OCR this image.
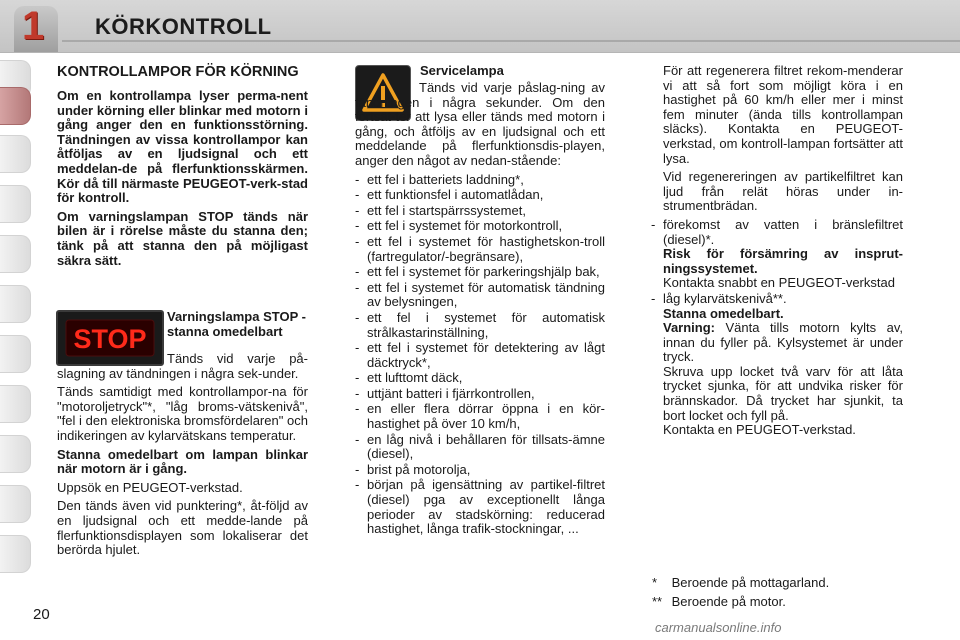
1 KÖRKONTROLL
KONTROLLAMPOR FÖR KÖRNING

Om en kontrollampa lyser perma-nent under körning eller blinkar med motorn i gång anger den en funktionsstörning. Tändningen av vissa kontrollampor kan åtföljas av en ljudsignal och ett meddelan-de på flerfunktionsskärmen. Kör då till närmaste PEUGEOT-verk-stad för kontroll.

Om varningslampan STOP tänds när bilen är i rörelse måste du stanna den; tänk på att stanna den på möjligast säkra sätt.

STOP

Varningslampa STOP - stanna omedelbart

Tänds vid varje på-slagning av tändningen i några sek-under.

Tänds samtidigt med kontrollampor-na för "motoroljetryck"*, "låg broms-vätskenivå", "fel i den elektroniska bromsfördelaren" och indikeringen av kylarvätskans temperatur.

Stanna omedelbart om lampan blinkar när motorn är i gång.

Uppsök en PEUGEOT-verkstad.

Den tänds även vid punktering*, åt-följd av en ljudsignal och ett medde-lande på flerfunktionsdisplayen som lokaliserar det berörda hjulet.

Servicelampa

Tänds vid varje påslag-ning av tändningen i några sekunder. Om den fortsät-ter att lysa eller tänds med motorn i gång, och åtföljs av en ljudsignal och ett meddelande på flerfunktionsdis-playen, anger den något av nedan-stående:

- ett fel i batteriets laddning*,
- ett funktionsfel i automatlådan,
- ett fel i startspärrssystemet,
- ett fel i systemet för motorkontroll,
- ett fel i systemet för hastighetskon-troll (fartregulator/-begränsare),
- ett fel i systemet för parkeringshjälp bak,
- ett fel i systemet för automatisk tändning av belysningen,
- ett fel i systemet för automatisk strålkastarinställning,
- ett fel i systemet för detektering av lågt däcktryck*,
- ett lufttomt däck,
- uttjänt batteri i fjärrkontrollen,
- en eller flera dörrar öppna i en kör-hastighet på över 10 km/h,
- en låg nivå i behållaren för tillsats-ämne (diesel),
- brist på motorolja,
- början på igensättning av partikel-filtret (diesel) pga av exceptionellt långa perioder av stadskörning: reducerad hastighet, långa trafik-stockningar, ...

För att regenerera filtret rekom-menderar vi att så fort som möjligt köra i en hastighet på 60 km/h eller mer i minst fem minuter (ända tills kontrollampan släcks). Kontakta en PEUGEOT-verkstad, om kontroll-lampan fortsätter att lysa.

Vid regenereringen av partikelfiltret kan ljud från relät höras under in-strumentbrädan.

- förekomst av vatten i bränslefiltret (diesel)*.
Risk för försämring av insprut-ningssystemet.
Kontakta snabbt en PEUGEOT-verkstad
- låg kylarvätskenivå**.
Stanna omedelbart.
Varning: Vänta tills motorn kylts av, innan du fyller på. Kylsystemet är under tryck.
Skruva upp locket två varv för att låta trycket sjunka, för att undvika risker för brännskador. Då trycket har sjunkit, ta bort locket och fyll på.
Kontakta en PEUGEOT-verkstad.
* Beroende på mottagarland.
** Beroende på motor.
20
carmanualsonline.info
